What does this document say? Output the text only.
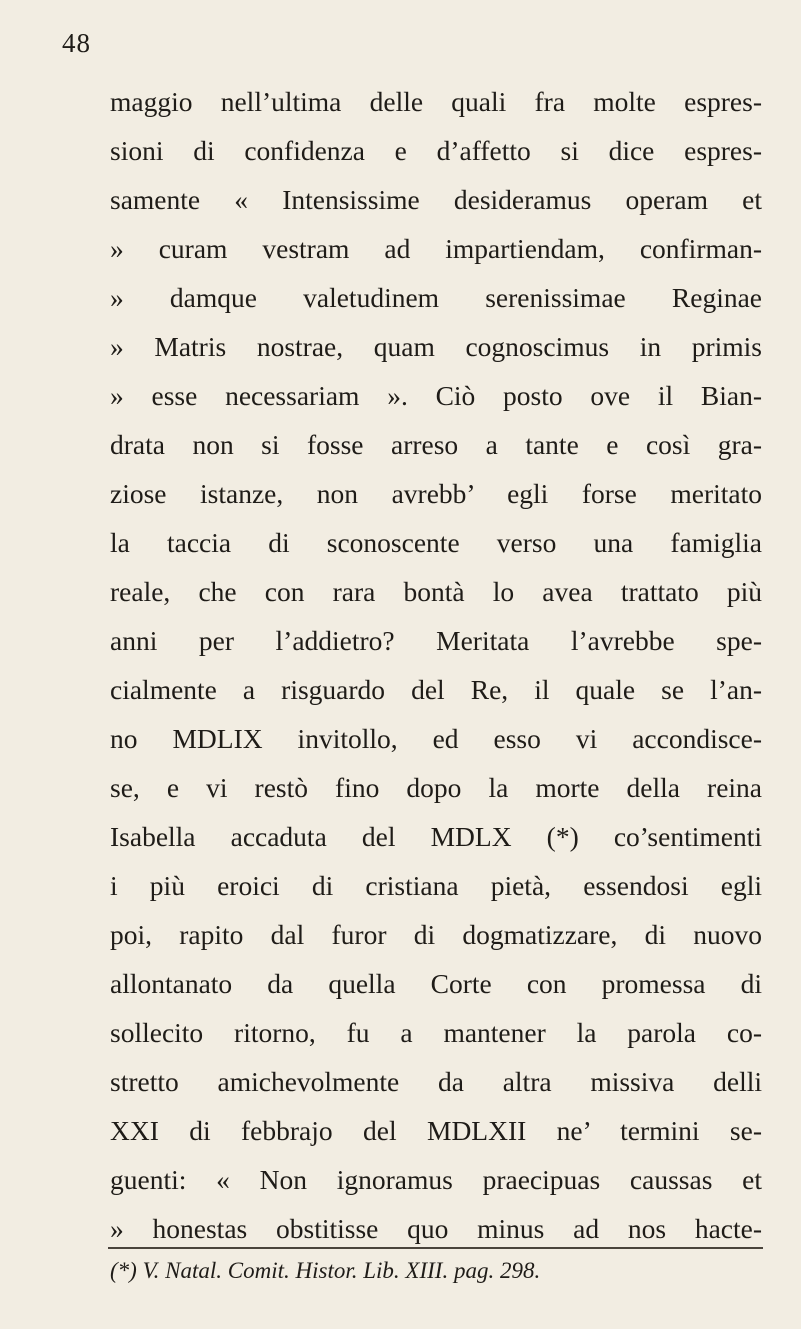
48
maggio nell’ultima delle quali fra molte espres-
sioni di confidenza e d’affetto si dice espres-
samente « Intensissime desideramus operam et
» curam vestram ad impartiendam, confirman-
» damque valetudinem serenissimae Reginae
» Matris nostrae, quam cognoscimus in primis
» esse necessariam ». Ciò posto ove il Bian-
drata non si fosse arreso a tante e così gra-
ziose istanze, non avrebb’ egli forse meritato
la taccia di sconoscente verso una famiglia
reale, che con rara bontà lo avea trattato più
anni per l’addietro? Meritata l’avrebbe spe-
cialmente a risguardo del Re, il quale se l’an-
no MDLIX invitollo, ed esso vi accondisce-
se, e vi restò fino dopo la morte della reina
Isabella accaduta del MDLX (*) co’sentimenti
i più eroici di cristiana pietà, essendosi egli
poi, rapito dal furor di dogmatizzare, di nuovo
allontanato da quella Corte con promessa di
sollecito ritorno, fu a mantener la parola co-
stretto amichevolmente da altra missiva delli
XXI di febbrajo del MDLXII ne’ termini se-
guenti: « Non ignoramus praecipuas caussas et
» honestas obstitisse quo minus ad nos hacte-
(*) V. Natal. Comit. Histor. Lib. XIII. pag. 298.
